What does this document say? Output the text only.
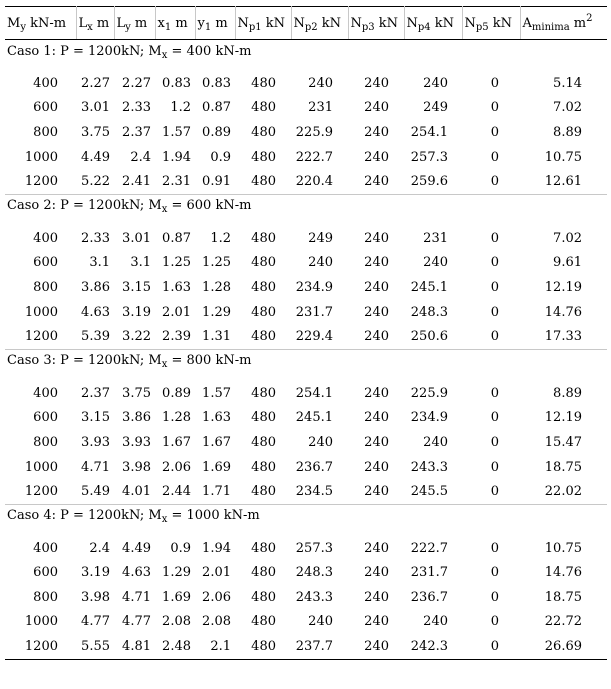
$M_y$ kN-m	$L_x$ m	$L_y$ m	$x_1$ m	$y_1$ m	$N_{p1}$ kN	$N_{p2}$ kN	$N_{p3}$ kN	$N_{p4}$ kN	$N_{p5}$ kN	$A_{minima}$ $m^2$
Caso 1: P = 1200kN; $M_x = 400$ kN-m										

400	2.27	2.27	0.83	0.83	480	240	240	240	0	5.14
600	3.01	2.33	1.2	0.87	480	231	240	249	0	7.02
800	3.75	2.37	1.57	0.89	480	225.9	240	254.1	0	8.89
1000	4.49	2.4	1.94	0.9	480	222.7	240	257.3	0	10.75
1200	5.22	2.41	2.31	0.91	480	220.4	240	259.6	0	12.61
Caso 2: P = 1200kN; $M_x = 600$ kN-m										

400	2.33	3.01	0.87	1.2	480	249	240	231	0	7.02
600	3.1	3.1	1.25	1.25	480	240	240	240	0	9.61
800	3.86	3.15	1.63	1.28	480	234.9	240	245.1	0	12.19
1000	4.63	3.19	2.01	1.29	480	231.7	240	248.3	0	14.76
1200	5.39	3.22	2.39	1.31	480	229.4	240	250.6	0	17.33
Caso 3: P = 1200kN; $M_x = 800$ kN-m										

400	2.37	3.75	0.89	1.57	480	254.1	240	225.9	0	8.89
600	3.15	3.86	1.28	1.63	480	245.1	240	234.9	0	12.19
800	3.93	3.93	1.67	1.67	480	240	240	240	0	15.47
1000	4.71	3.98	2.06	1.69	480	236.7	240	243.3	0	18.75
1200	5.49	4.01	2.44	1.71	480	234.5	240	245.5	0	22.02
Caso 4: P = 1200kN; $M_x = 1000$ kN-m										

400	2.4	4.49	0.9	1.94	480	257.3	240	222.7	0	10.75
600	3.19	4.63	1.29	2.01	480	248.3	240	231.7	0	14.76
800	3.98	4.71	1.69	2.06	480	243.3	240	236.7	0	18.75
1000	4.77	4.77	2.08	2.08	480	240	240	240	0	22.72
1200	5.55	4.81	2.48	2.1	480	237.7	240	242.3	0	26.69
